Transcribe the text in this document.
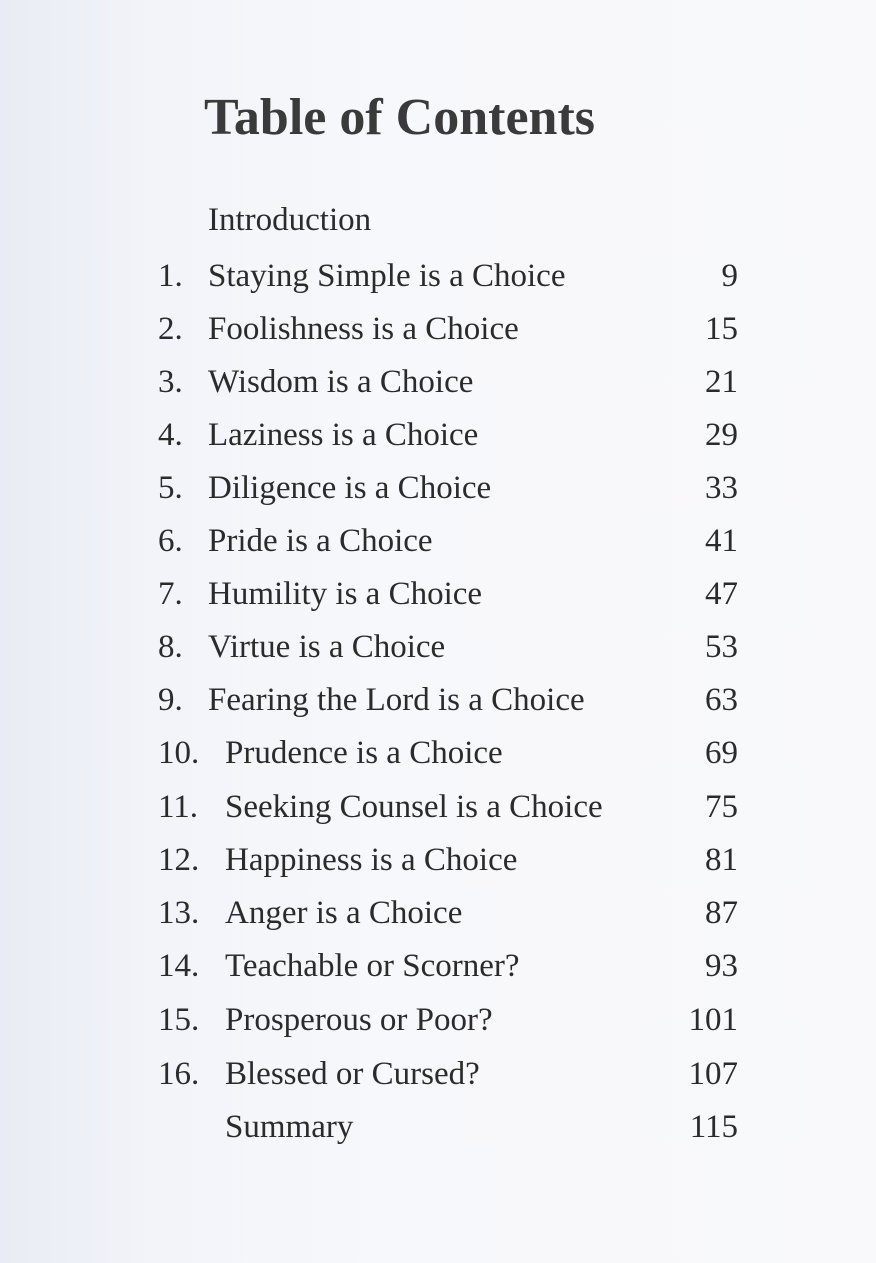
Table of Contents
Introduction
1. Staying Simple is a Choice	9
2. Foolishness is a Choice	15
3. Wisdom is a Choice	21
4. Laziness is a Choice	29
5. Diligence is a Choice	33
6. Pride is a Choice	41
7. Humility is a Choice	47
8. Virtue is a Choice	53
9. Fearing the Lord is a Choice	63
10. Prudence is a Choice	69
11. Seeking Counsel is a Choice	75
12. Happiness is a Choice	81
13. Anger is a Choice	87
14. Teachable or Scorner?	93
15. Prosperous or Poor?	101
16. Blessed or Cursed?	107
Summary	115
